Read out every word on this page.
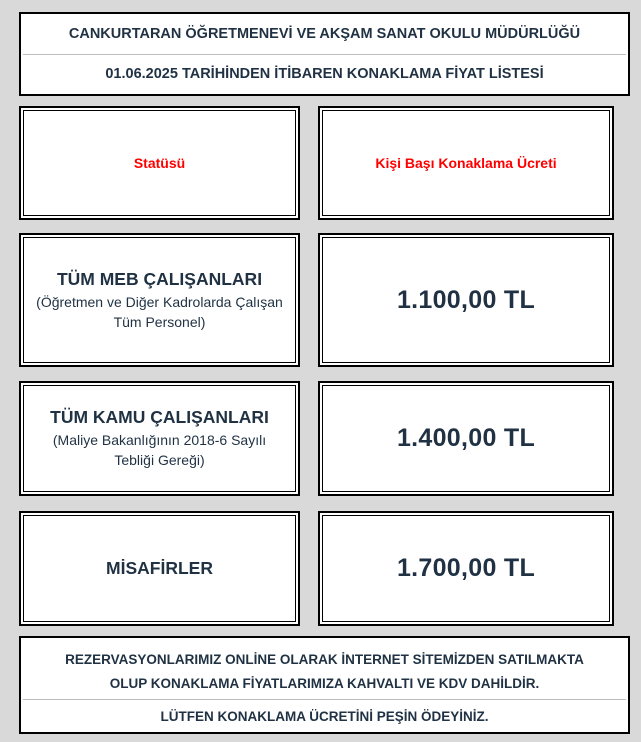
CANKURTARAN ÖĞRETMENEVİ VE AKŞAM SANAT OKULU MÜDÜRLÜĞÜ
01.06.2025 TARİHİNDEN İTİBAREN KONAKLAMA FİYAT LİSTESİ
Statüsü	Kişi Başı Konaklama Ücreti
TÜM MEB ÇALIŞANLARI
(Öğretmen ve Diğer Kadrolarda Çalışan
Tüm Personel)
1.100,00 TL
TÜM KAMU ÇALIŞANLARI
(Maliye Bakanlığının 2018-6 Sayılı
Tebliği Gereği)
1.400,00 TL
MİSAFİRLER	1.700,00 TL
REZERVASYONLARIMIZ ONLİNE OLARAK İNTERNET SİTEMİZDEN SATILMAKTA
OLUP KONAKLAMA FİYATLARIMIZA KAHVALTI VE KDV DAHİLDİR.
LÜTFEN KONAKLAMA ÜCRETİNİ PEŞİN ÖDEYİNİZ.
